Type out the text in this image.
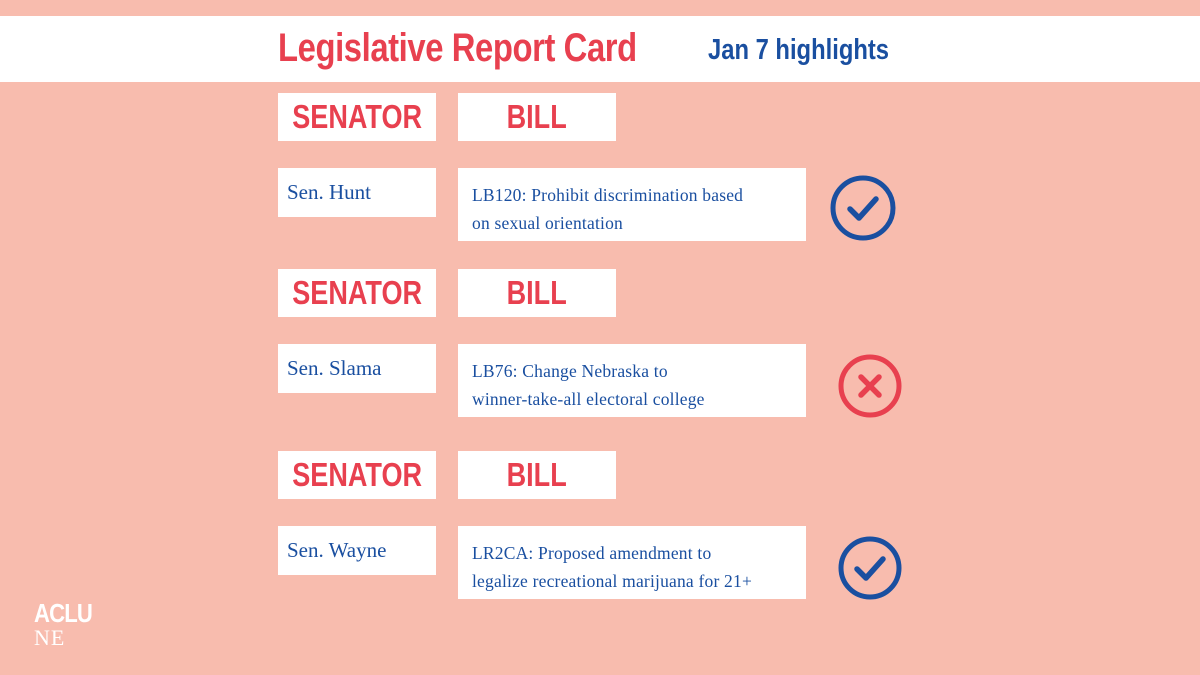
Legislative Report Card Jan 7 highlights
SENATOR	BILL
Sen. Hunt	LB120: Prohibit discrimination based
on sexual orientation
SENATOR	BILL
Sen. Slama	LB76: Change Nebraska to
winner-take-all electoral college
SENATOR	BILL
Sen. Wayne	LR2CA: Proposed amendment to
legalize recreational marijuana for 21+
ACLU
NE
